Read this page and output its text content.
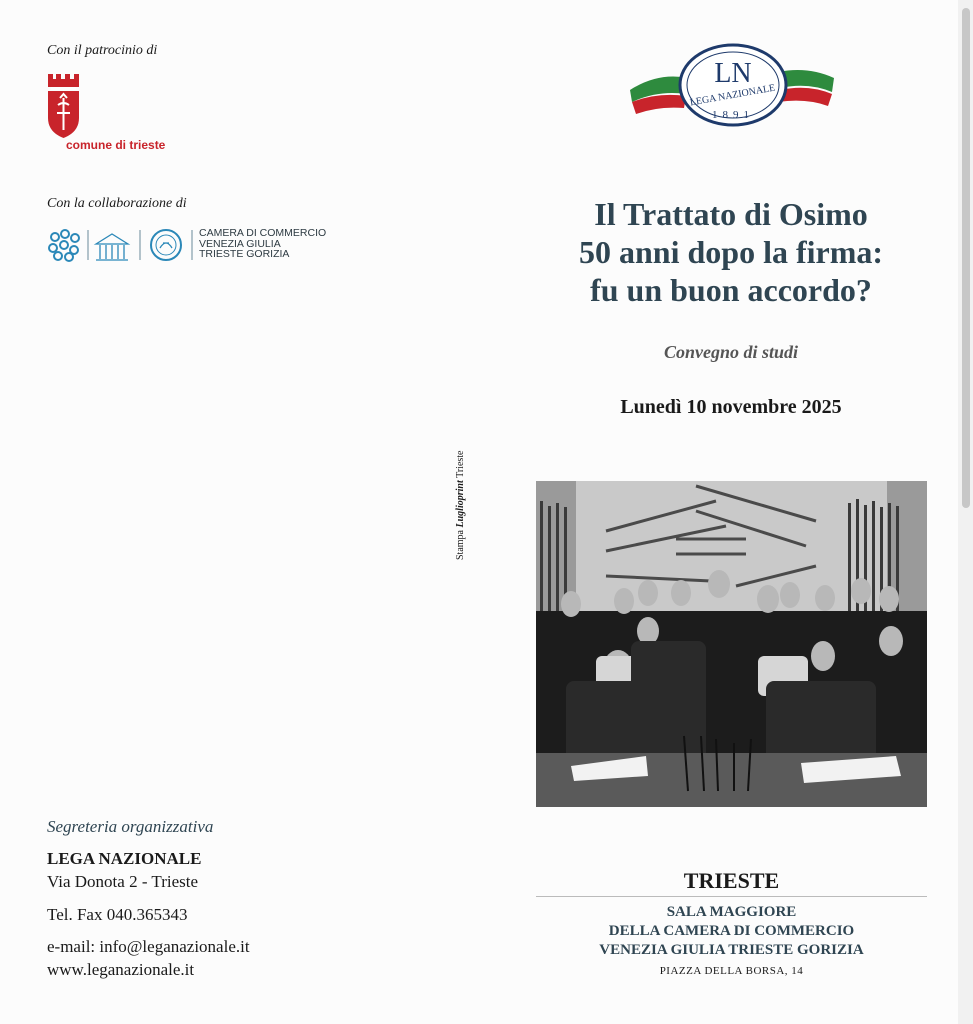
Con il patrocinio di
comune di trieste
Con la collaborazione di
CAMERA DI COMMERCIO
VENEZIA GIULIA
TRIESTE GORIZIA
Stampa Luglioprint Trieste
Segreteria organizzativa
LEGA NAZIONALE
Via Donota 2 - Trieste
Tel. Fax 040.365343
e-mail: info@leganazionale.it
www.leganazionale.it
LN
LEGA NAZIONALE
1891
Il Trattato di Osimo
50 anni dopo la firma:
fu un buon accordo?
Convegno di studi
Lunedì 10 novembre 2025
TRIESTE
SALA MAGGIORE
DELLA CAMERA DI COMMERCIO
VENEZIA GIULIA TRIESTE GORIZIA
PIAZZA DELLA BORSA, 14
